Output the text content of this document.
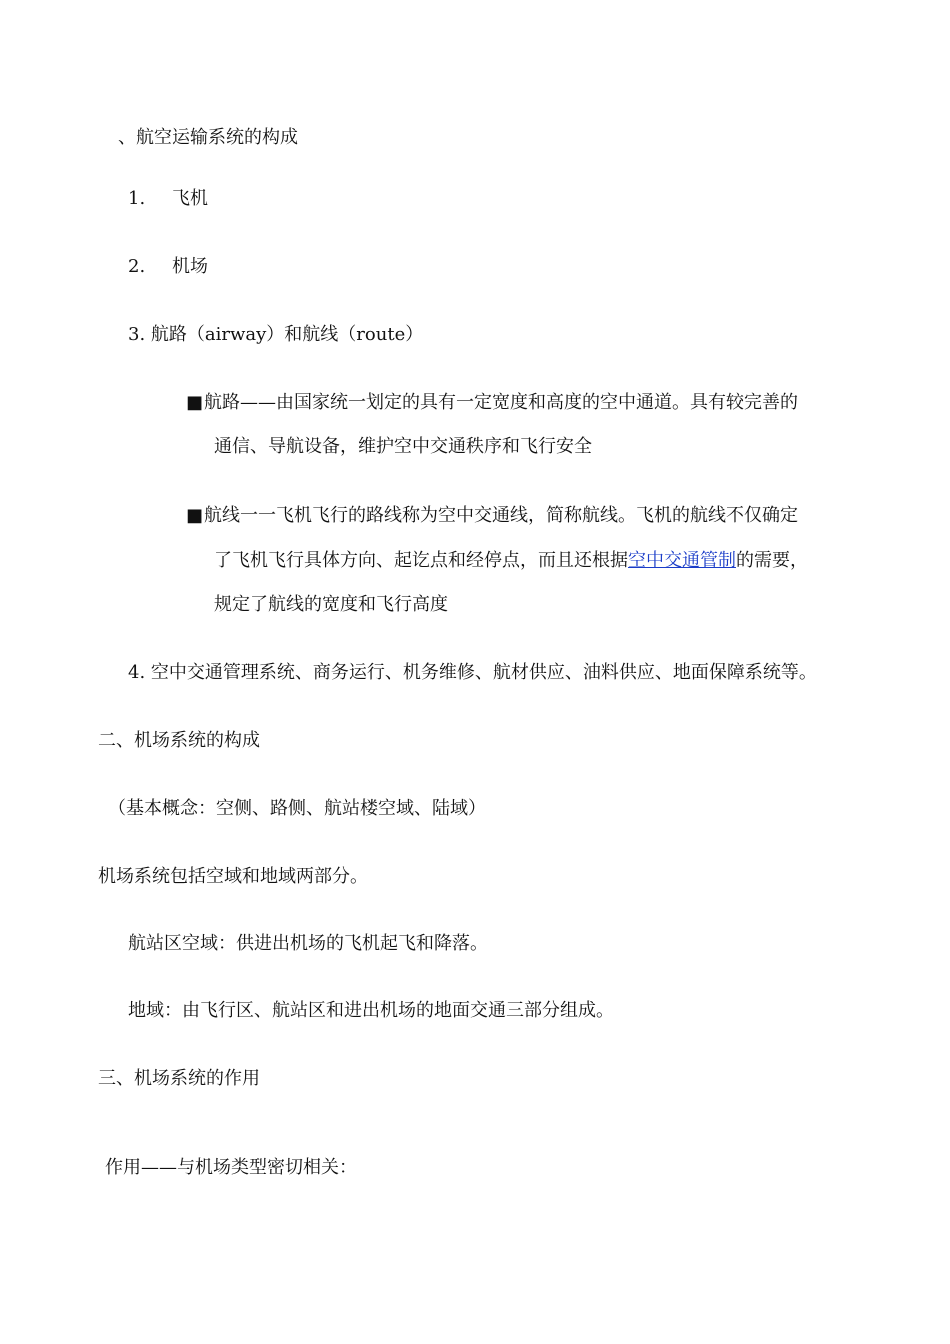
、航空运输系统的构成
1. 飞机
2. 机场
3. 航路（airway）和航线（route）
■航路——由国家统一划定的具有一定宽度和高度的空中通道。具有较完善的
通信、导航设备，维护空中交通秩序和飞行安全
■航线一一飞机飞行的路线称为空中交通线，简称航线。飞机的航线不仅确定
了飞机飞行具体方向、起讫点和经停点，而且还根据空中交通管制的需要，
规定了航线的宽度和飞行高度
4. 空中交通管理系统、商务运行、机务维修、航材供应、油料供应、地面保障系统等。
二、机场系统的构成
（基本概念：空侧、路侧、航站楼空域、陆域）
机场系统包括空域和地域两部分。
航站区空域：供进出机场的飞机起飞和降落。
地域：由飞行区、航站区和进出机场的地面交通三部分组成。
三、机场系统的作用
作用——与机场类型密切相关：
